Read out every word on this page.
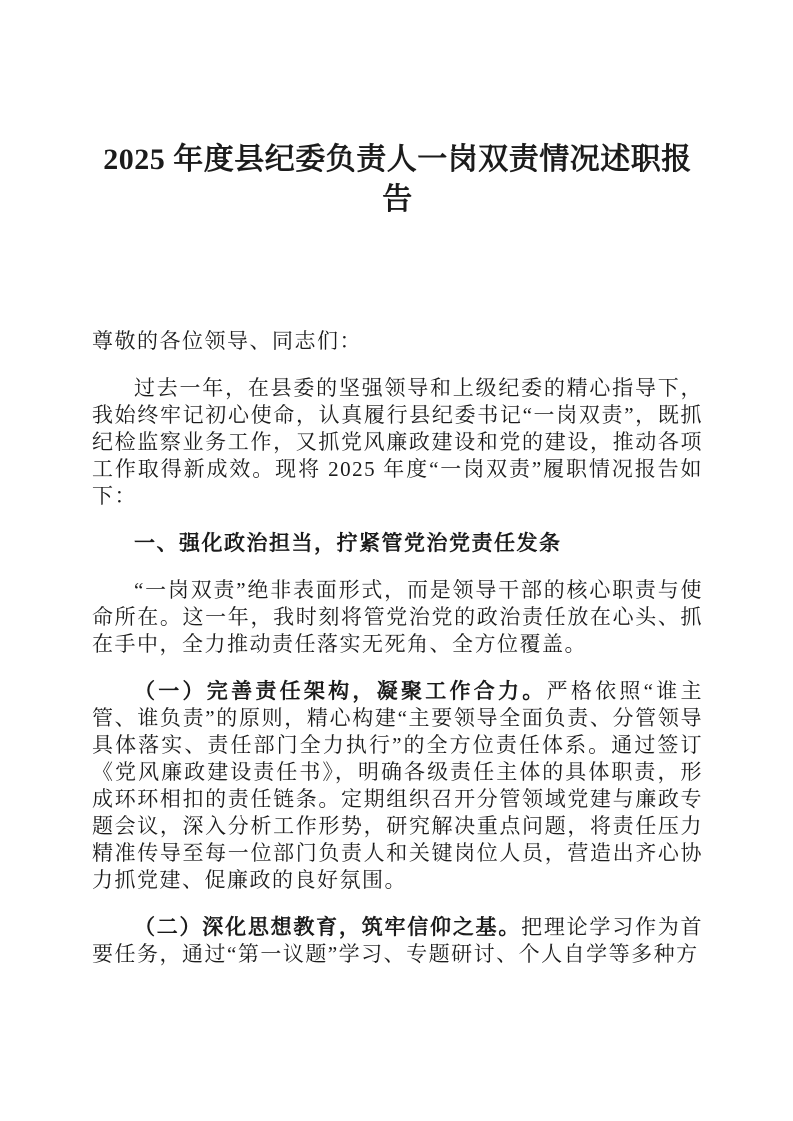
2025 年度县纪委负责人一岗双责情况述职报告

尊敬的各位领导、同志们：

过去一年，在县委的坚强领导和上级纪委的精心指导下，我始终牢记初心使命，认真履行县纪委书记“一岗双责”，既抓纪检监察业务工作，又抓党风廉政建设和党的建设，推动各项工作取得新成效。现将 2025 年度“一岗双责”履职情况报告如下：

一、强化政治担当，拧紧管党治党责任发条

“一岗双责”绝非表面形式，而是领导干部的核心职责与使命所在。这一年，我时刻将管党治党的政治责任放在心头、抓在手中，全力推动责任落实无死角、全方位覆盖。

（一）完善责任架构，凝聚工作合力。严格依照“谁主管、谁负责”的原则，精心构建“主要领导全面负责、分管领导具体落实、责任部门全力执行”的全方位责任体系。通过签订《党风廉政建设责任书》，明确各级责任主体的具体职责，形成环环相扣的责任链条。定期组织召开分管领域党建与廉政专题会议，深入分析工作形势，研究解决重点问题，将责任压力精准传导至每一位部门负责人和关键岗位人员，营造出齐心协力抓党建、促廉政的良好氛围。

（二）深化思想教育，筑牢信仰之基。把理论学习作为首要任务，通过“第一议题”学习、专题研讨、个人自学等多种方
